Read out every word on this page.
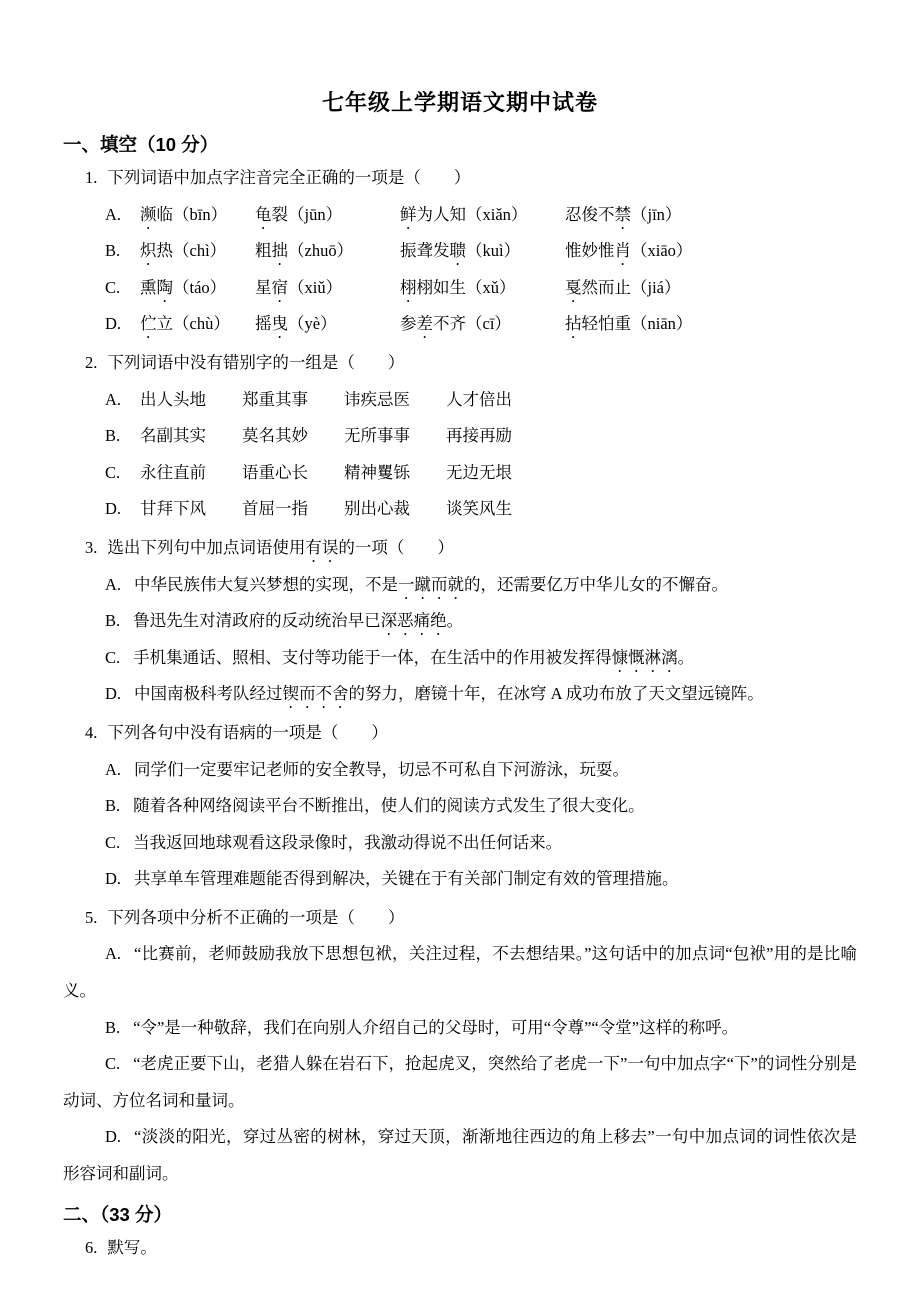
七年级上学期语文期中试卷
一、填空（10 分）

1. 下列词语中加点字注音完全正确的一项是（　　）

A.	濒临（bīn）	龟裂（jūn）	鲜为人知（xiǎn）	忍俊不禁（jīn）
B.	炽热（chì）	粗拙（zhuō）	振聋发聩（kuì）	惟妙惟肖（xiāo）
C.	熏陶（táo）	星宿（xiǔ）	栩栩如生（xǔ）	戛然而止（jiá）
D.	伫立（chù）	摇曳（yè）	参差不齐（cī）	拈轻怕重（niān）

2. 下列词语中没有错别字的一组是（　　）

A.	出人头地	郑重其事	讳疾忌医	人才倍出
B.	名副其实	莫名其妙	无所事事	再接再励
C.	永往直前	语重心长	精神矍铄	无边无垠
D.	甘拜下风	首屈一指	别出心裁	谈笑风生

3. 选出下列句中加点词语使用有误的一项（　　）

A. 中华民族伟大复兴梦想的实现，不是一蹴而就的，还需要亿万中华儿女的不懈奋。

B. 鲁迅先生对清政府的反动统治早已深恶痛绝。

C. 手机集通话、照相、支付等功能于一体，在生活中的作用被发挥得慷慨淋漓。

D. 中国南极科考队经过锲而不舍的努力，磨镜十年，在冰穹 A 成功布放了天文望远镜阵。

4. 下列各句中没有语病的一项是（　　）

A. 同学们一定要牢记老师的安全教导，切忌不可私自下河游泳，玩耍。

B. 随着各种网络阅读平台不断推出，使人们的阅读方式发生了很大变化。

C. 当我返回地球观看这段录像时，我激动得说不出任何话来。

D. 共享单车管理难题能否得到解决，关键在于有关部门制定有效的管理措施。

5. 下列各项中分析不正确的一项是（　　）

A. “比赛前，老师鼓励我放下思想包袱，关注过程，不去想结果。”这句话中的加点词“包袱”用的是比喻义。

B. “令”是一种敬辞，我们在向别人介绍自己的父母时，可用“令尊”“令堂”这样的称呼。

C. “老虎正要下山，老猎人躲在岩石下，抢起虎叉，突然给了老虎一下”一句中加点字“下”的词性分别是动词、方位名词和量词。

D. “淡淡的阳光，穿过丛密的树林，穿过天顶，渐渐地往西边的角上移去”一句中加点词的词性依次是形容词和副词。

二、（33 分）

6. 默写。
